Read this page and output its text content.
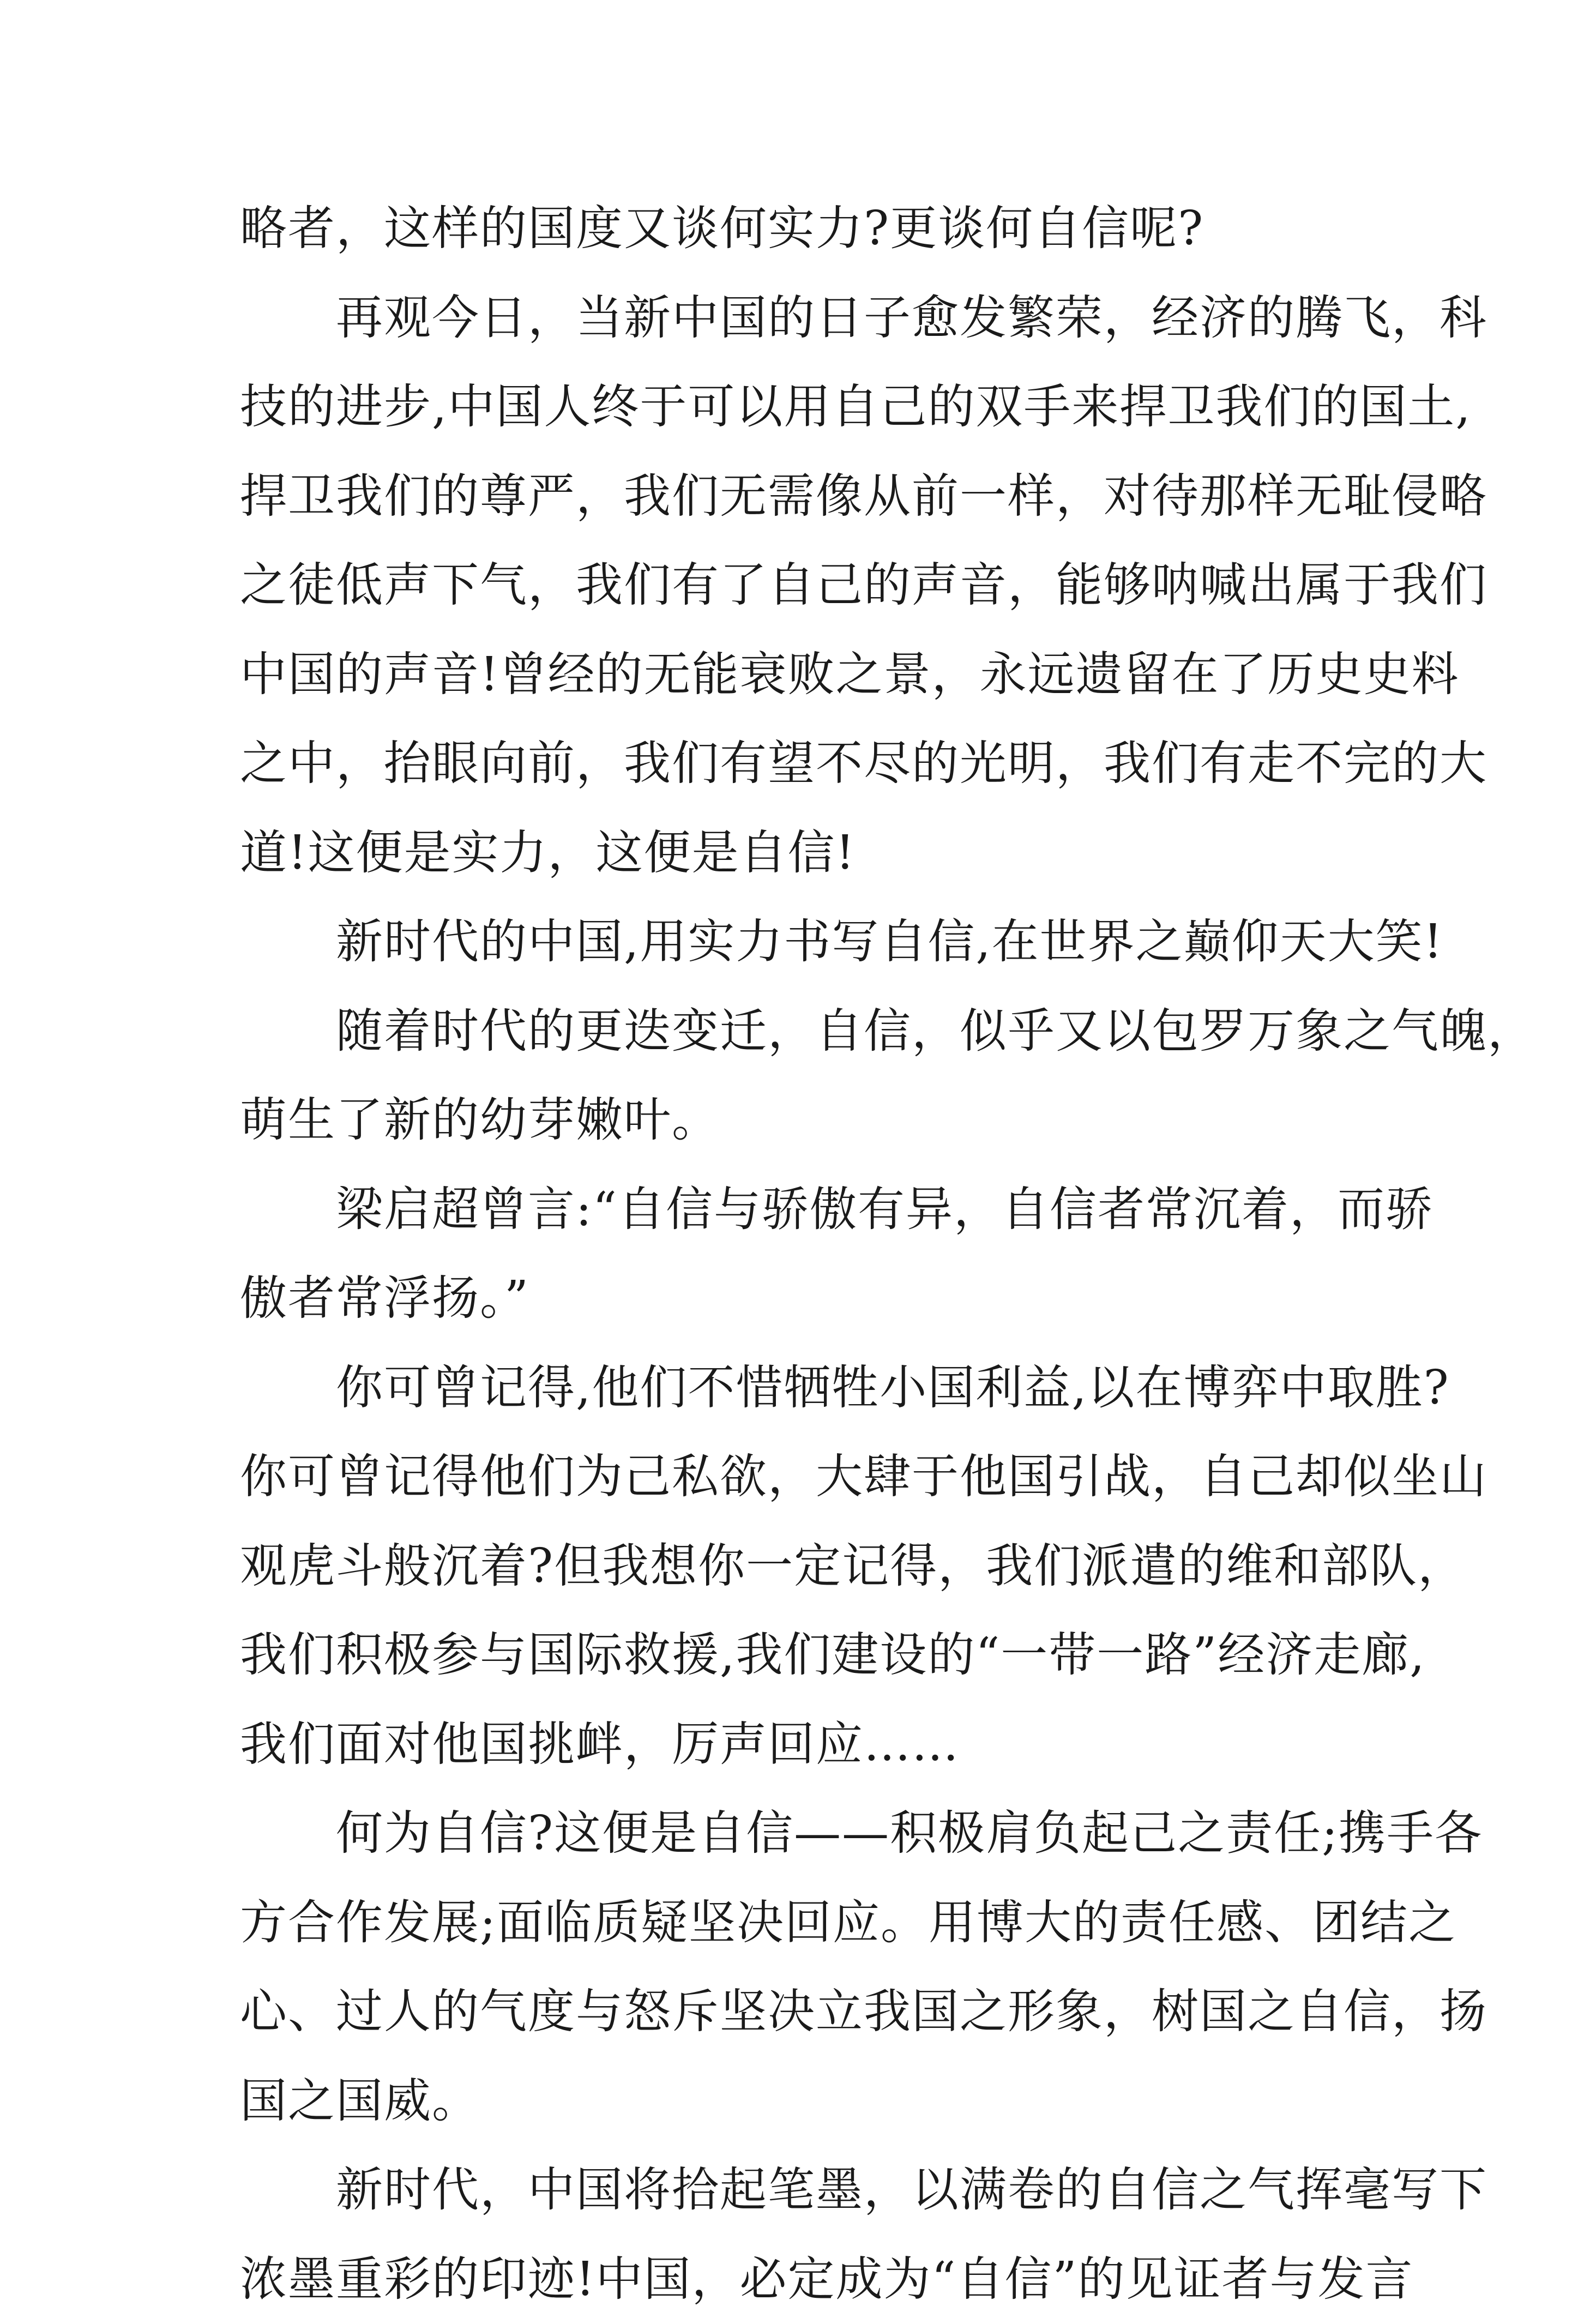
略者，这样的国度又谈何实力?更谈何自信呢?
再观今日，当新中国的日子愈发繁荣，经济的腾飞，科
技的进步,中国人终于可以用自己的双手来捍卫我们的国土,
捍卫我们的尊严，我们无需像从前一样，对待那样无耻侵略
之徒低声下气，我们有了自己的声音，能够呐喊出属于我们
中国的声音!曾经的无能衰败之景，永远遗留在了历史史料
之中，抬眼向前，我们有望不尽的光明，我们有走不完的大
道!这便是实力，这便是自信!
新时代的中国,用实力书写自信,在世界之巅仰天大笑!
随着时代的更迭变迁，自信，似乎又以包罗万象之气魄，
萌生了新的幼芽嫩叶。
梁启超曾言:“自信与骄傲有异，自信者常沉着，而骄
傲者常浮扬。”
你可曾记得,他们不惜牺牲小国利益,以在博弈中取胜?
你可曾记得他们为己私欲，大肆于他国引战，自己却似坐山
观虎斗般沉着?但我想你一定记得，我们派遣的维和部队，
我们积极参与国际救援,我们建设的“一带一路”经济走廊,
我们面对他国挑衅，厉声回应……
何为自信?这便是自信——积极肩负起己之责任;携手各
方合作发展;面临质疑坚决回应。用博大的责任感、团结之
心、过人的气度与怒斥坚决立我国之形象，树国之自信，扬
国之国威。
新时代，中国将拾起笔墨，以满卷的自信之气挥毫写下
浓墨重彩的印迹!中国，必定成为“自信”的见证者与发言
